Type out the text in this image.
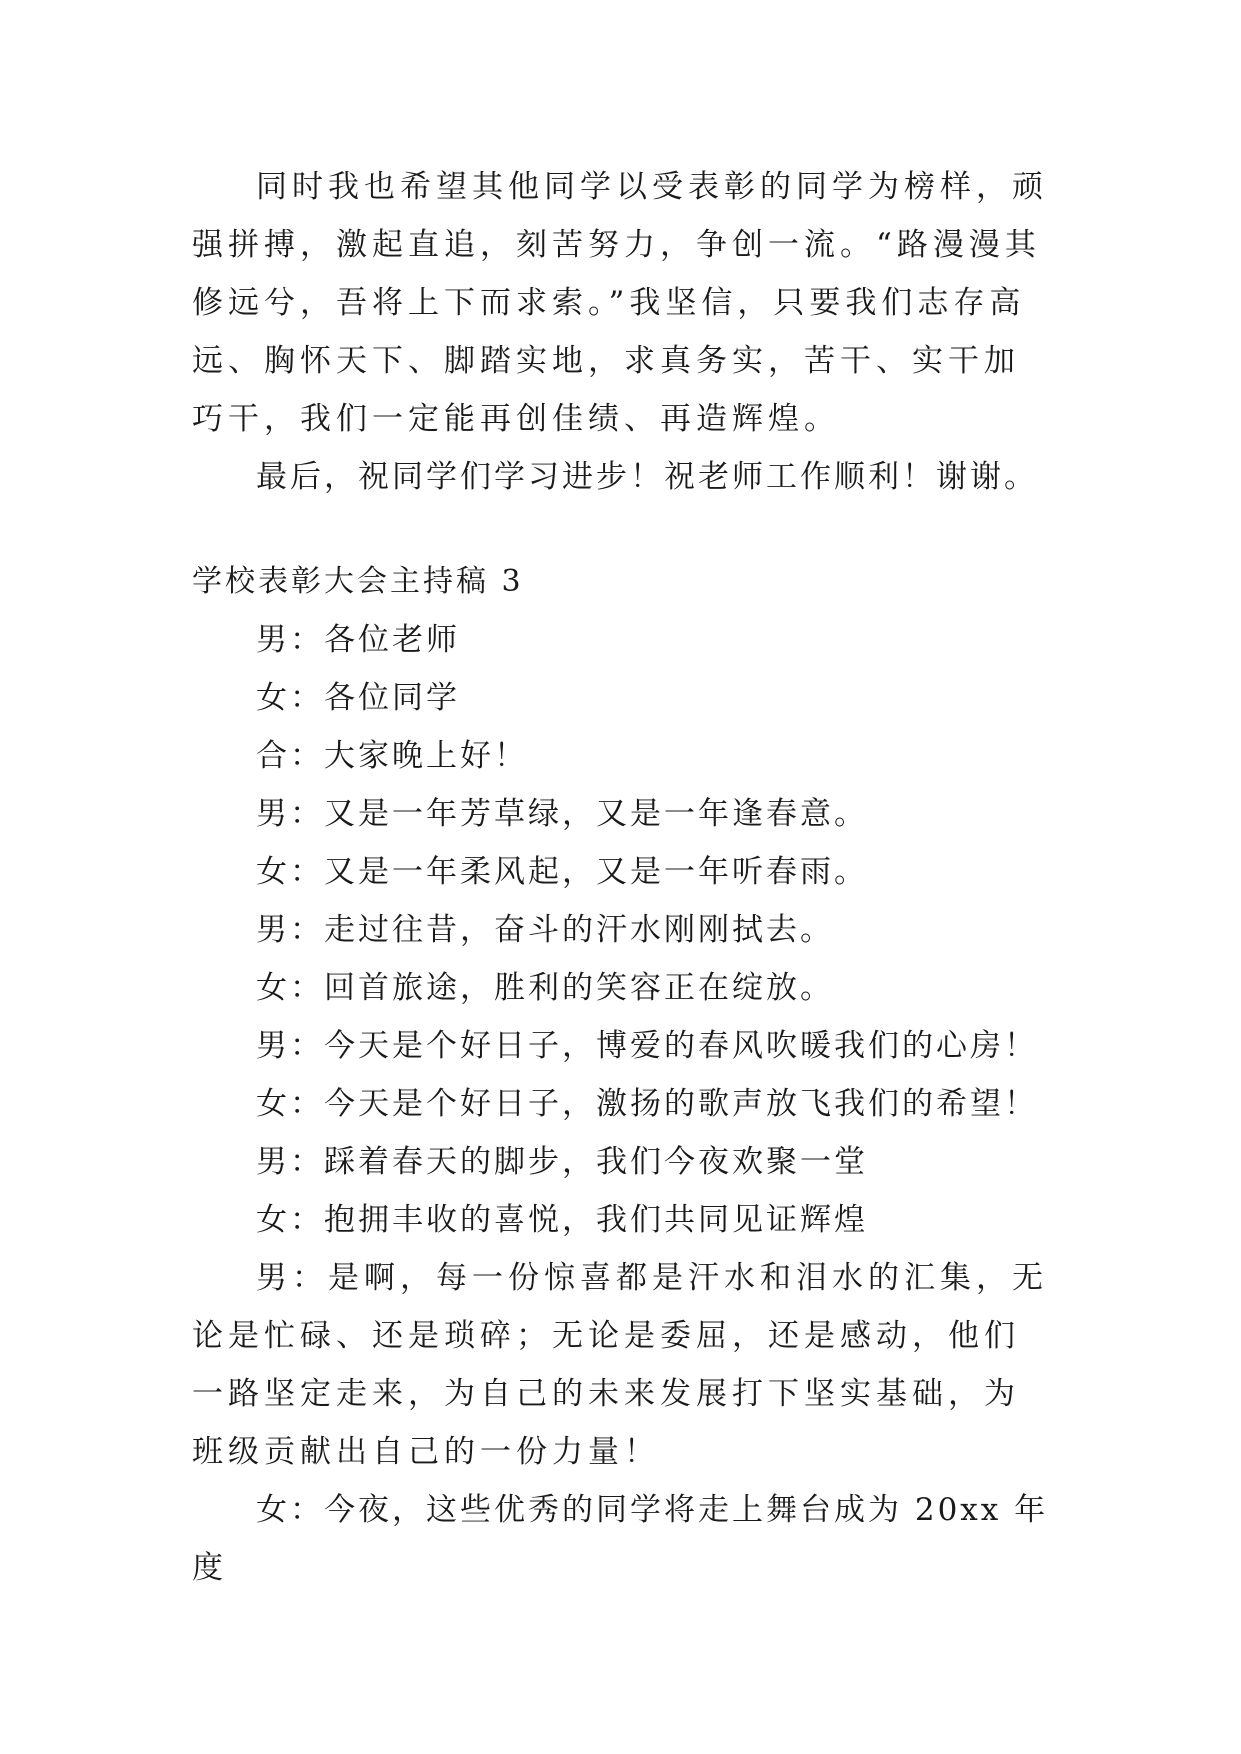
同时我也希望其他同学以受表彰的同学为榜样，顽强拼搏，激起直追，刻苦努力，争创一流。“路漫漫其修远兮，吾将上下而求索。”我坚信，只要我们志存高远、胸怀天下、脚踏实地，求真务实，苦干、实干加巧干，我们一定能再创佳绩、再造辉煌。

最后，祝同学们学习进步！祝老师工作顺利！谢谢。

学校表彰大会主持稿 3

男：各位老师

女：各位同学

合：大家晚上好！

男：又是一年芳草绿，又是一年逢春意。

女：又是一年柔风起，又是一年听春雨。

男：走过往昔，奋斗的汗水刚刚拭去。

女：回首旅途，胜利的笑容正在绽放。

男：今天是个好日子，博爱的春风吹暖我们的心房！

女：今天是个好日子，激扬的歌声放飞我们的希望！

男：踩着春天的脚步，我们今夜欢聚一堂

女：抱拥丰收的喜悦，我们共同见证辉煌

男：是啊，每一份惊喜都是汗水和泪水的汇集，无论是忙碌、还是琐碎；无论是委屈，还是感动，他们一路坚定走来，为自己的未来发展打下坚实基础，为班级贡献出自己的一份力量！

女：今夜，这些优秀的同学将走上舞台成为 20xx 年度
